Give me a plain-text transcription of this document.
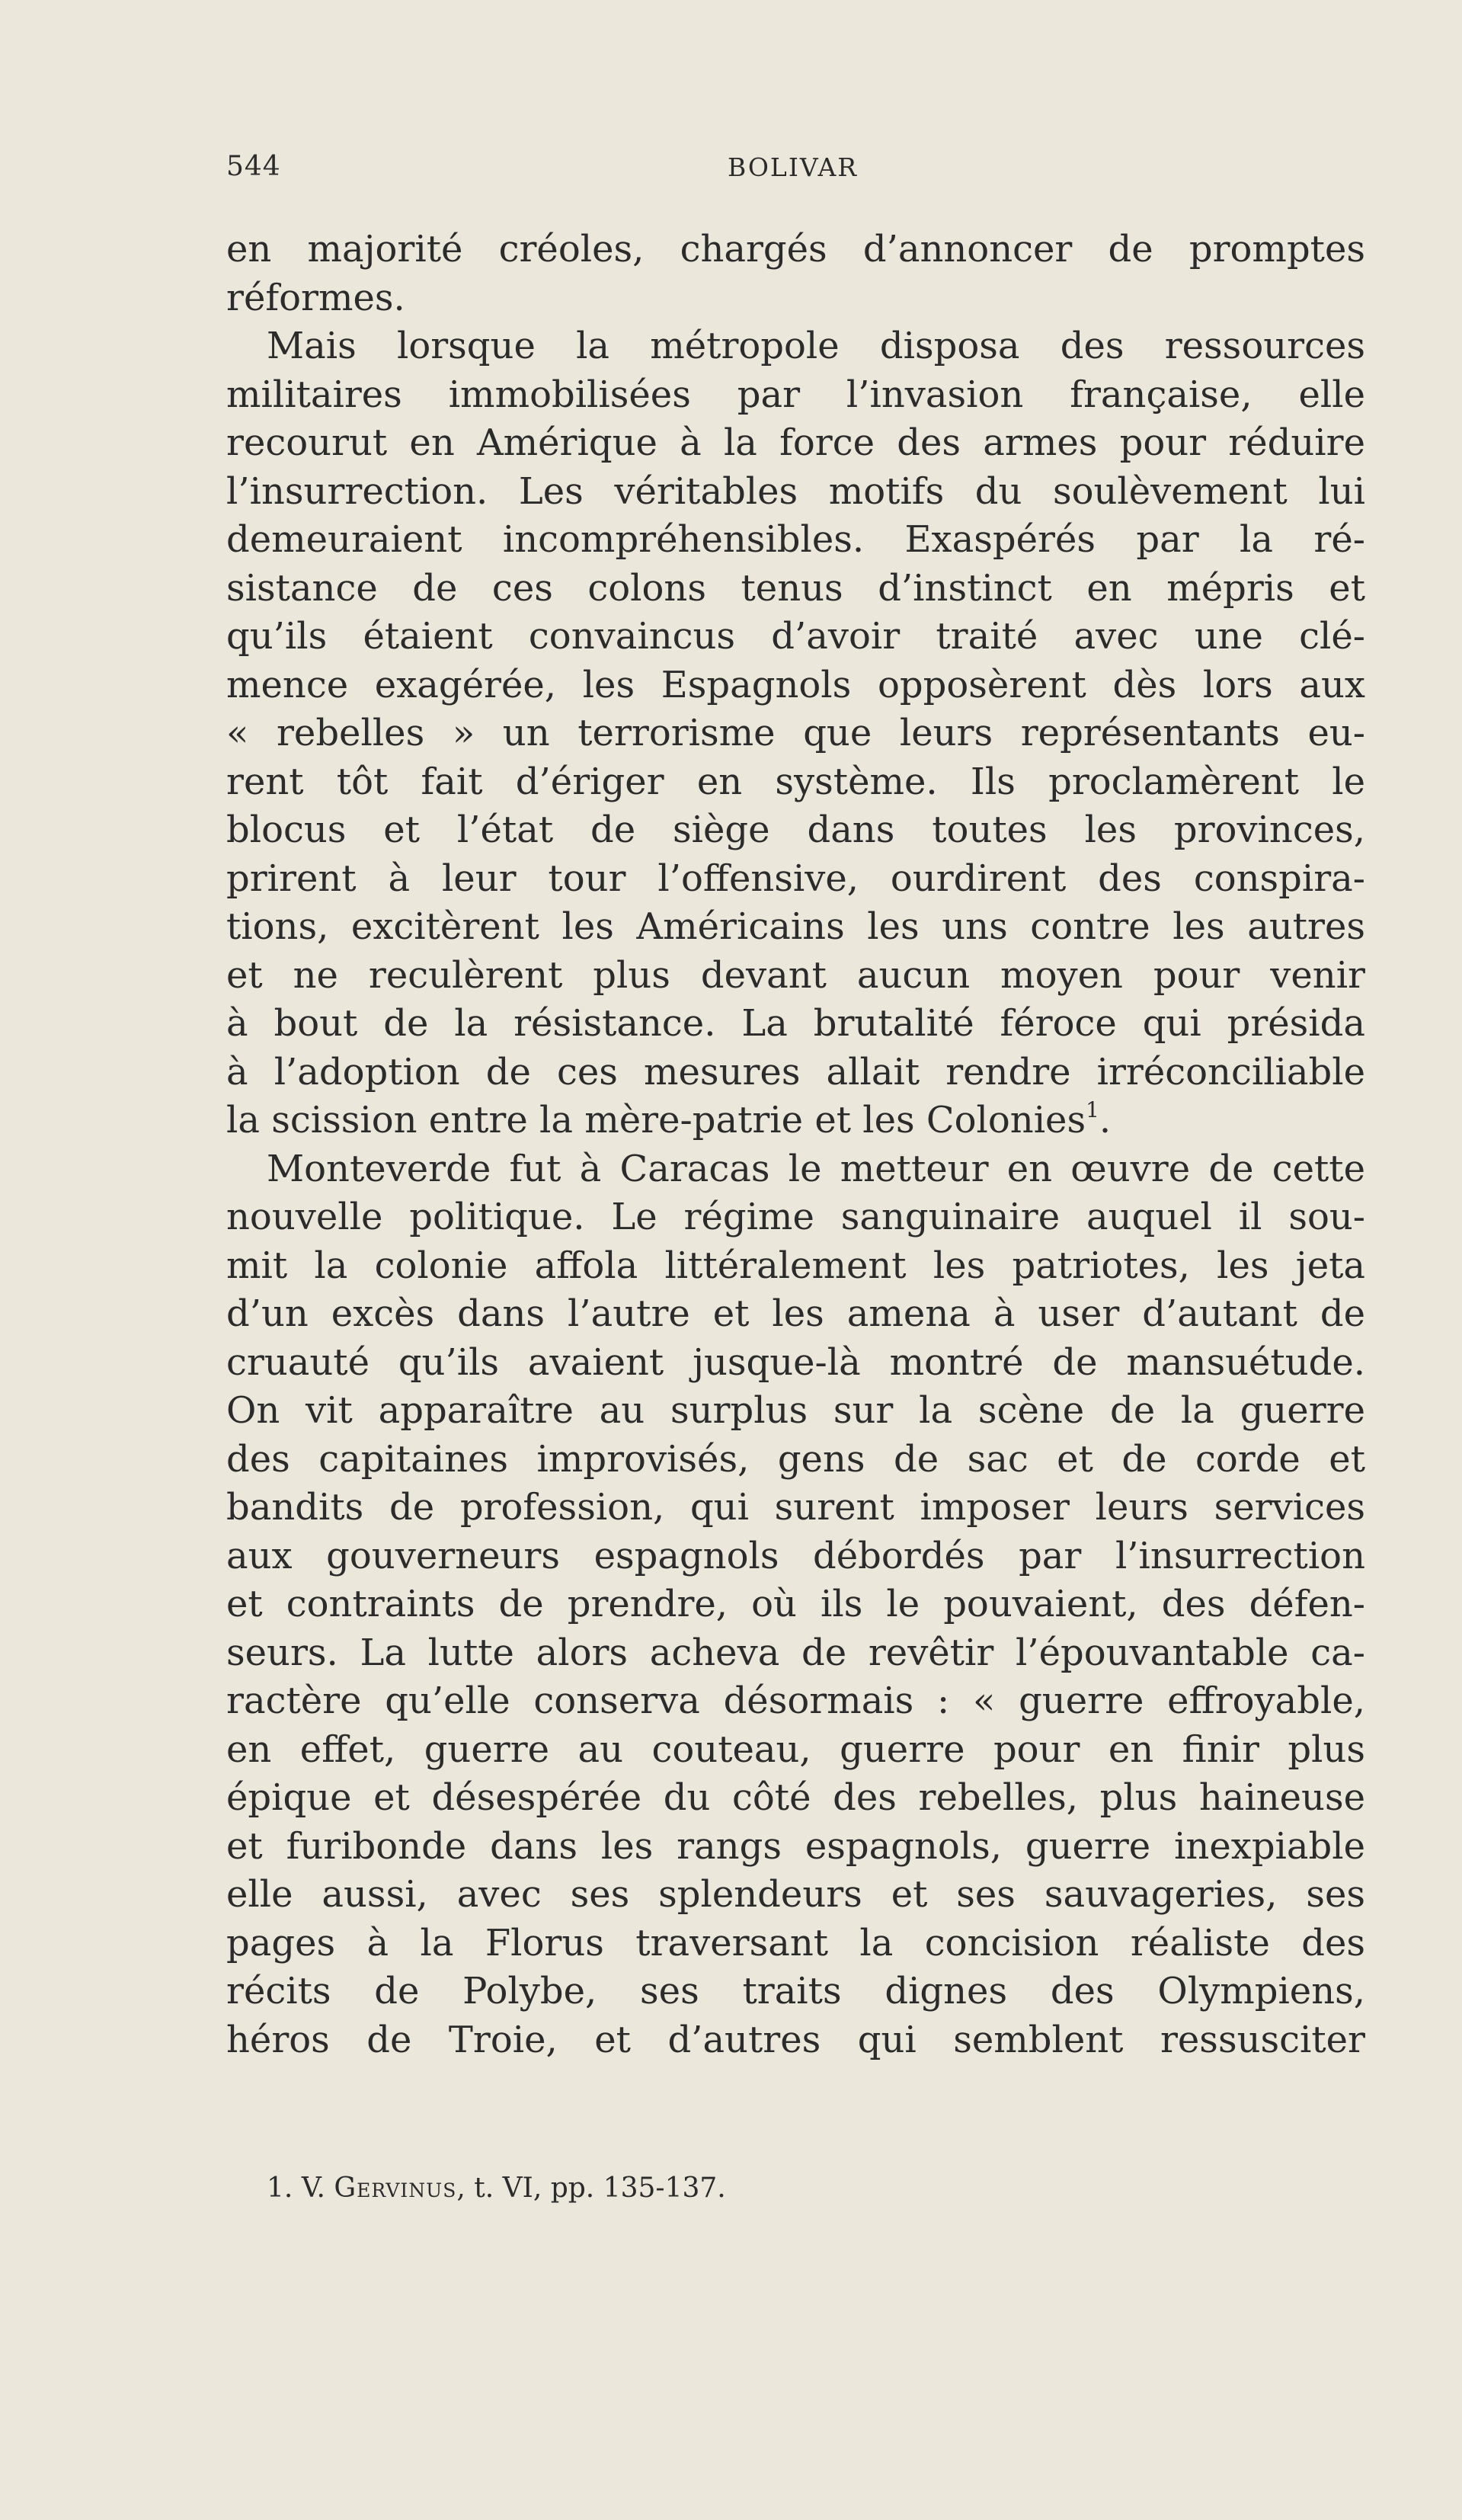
544	BOLIVAR
en majorité créoles, chargés d’annoncer de promptes
réformes.
Mais lorsque la métropole disposa des ressources
militaires immobilisées par l’invasion française, elle
recourut en Amérique à la force des armes pour réduire
l’insurrection. Les véritables motifs du soulèvement lui
demeuraient incompréhensibles. Exaspérés par la ré-
sistance de ces colons tenus d’instinct en mépris et
qu’ils étaient convaincus d’avoir traité avec une clé-
mence exagérée, les Espagnols opposèrent dès lors aux
« rebelles » un terrorisme que leurs représentants eu-
rent tôt fait d’ériger en système. Ils proclamèrent le
blocus et l’état de siège dans toutes les provinces,
prirent à leur tour l’offensive, ourdirent des conspira-
tions, excitèrent les Américains les uns contre les autres
et ne reculèrent plus devant aucun moyen pour venir
à bout de la résistance. La brutalité féroce qui présida
à l’adoption de ces mesures allait rendre irréconciliable
la scission entre la mère-patrie et les Colonies$^1$.
Monteverde fut à Caracas le metteur en œuvre de cette
nouvelle politique. Le régime sanguinaire auquel il sou-
mit la colonie affola littéralement les patriotes, les jeta
d’un excès dans l’autre et les amena à user d’autant de
cruauté qu’ils avaient jusque-là montré de mansuétude.
On vit apparaître au surplus sur la scène de la guerre
des capitaines improvisés, gens de sac et de corde et
bandits de profession, qui surent imposer leurs services
aux gouverneurs espagnols débordés par l’insurrection
et contraints de prendre, où ils le pouvaient, des défen-
seurs. La lutte alors acheva de revêtir l’épouvantable ca-
ractère qu’elle conserva désormais : « guerre effroyable,
en effet, guerre au couteau, guerre pour en finir plus
épique et désespérée du côté des rebelles, plus haineuse
et furibonde dans les rangs espagnols, guerre inexpiable
elle aussi, avec ses splendeurs et ses sauvageries, ses
pages à la Florus traversant la concision réaliste des
récits de Polybe, ses traits dignes des Olympiens,
héros de Troie, et d’autres qui semblent ressusciter
1. V. Gervinus, t. VI, pp. 135-137.
